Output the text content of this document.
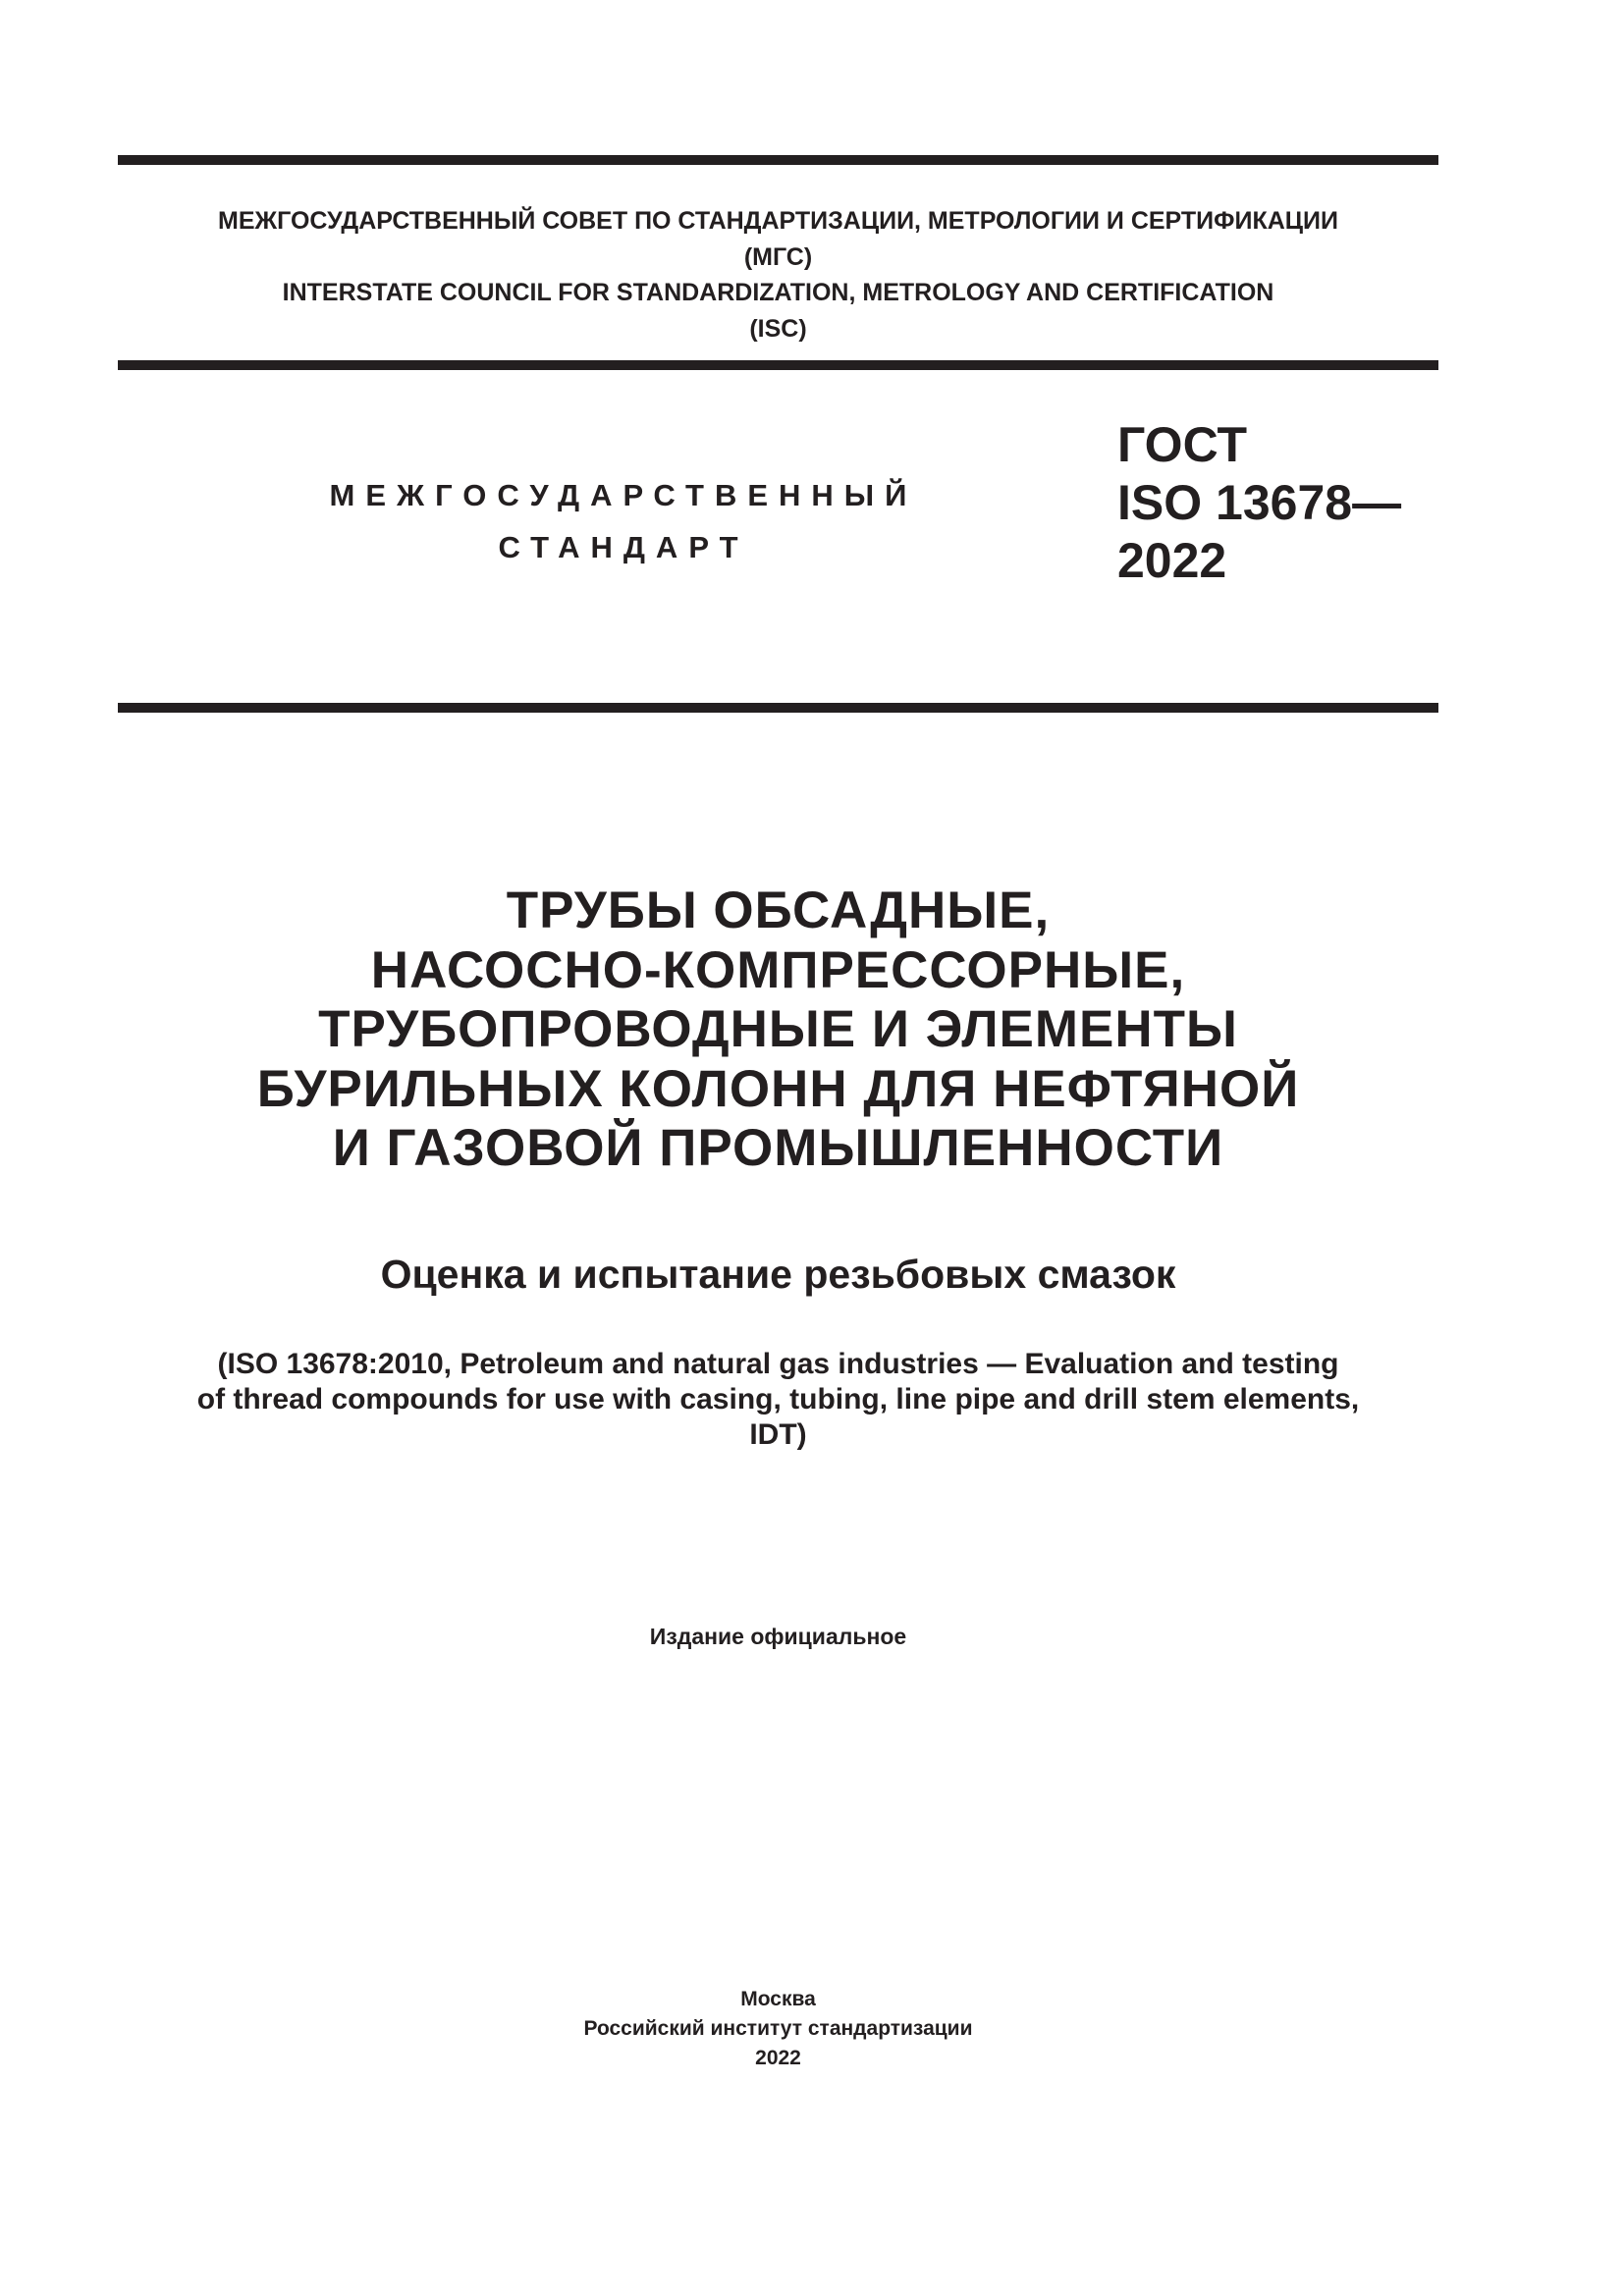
МЕЖГОСУДАРСТВЕННЫЙ СОВЕТ ПО СТАНДАРТИЗАЦИИ, МЕТРОЛОГИИ И СЕРТИФИКАЦИИ
(МГС)
INTERSTATE COUNCIL FOR STANDARDIZATION, METROLOGY AND CERTIFICATION
(ISC)
МЕЖГОСУДАРСТВЕННЫЙ
СТАНДАРТ
ГОСТ
ISO 13678—
2022
ТРУБЫ ОБСАДНЫЕ,
НАСОСНО-КОМПРЕССОРНЫЕ,
ТРУБОПРОВОДНЫЕ И ЭЛЕМЕНТЫ
БУРИЛЬНЫХ КОЛОНН ДЛЯ НЕФТЯНОЙ
И ГАЗОВОЙ ПРОМЫШЛЕННОСТИ
Оценка и испытание резьбовых смазок
(ISO 13678:2010, Petroleum and natural gas industries — Evaluation and testing
of thread compounds for use with casing, tubing, line pipe and drill stem elements,
IDT)
Издание официальное
Москва
Российский институт стандартизации
2022
